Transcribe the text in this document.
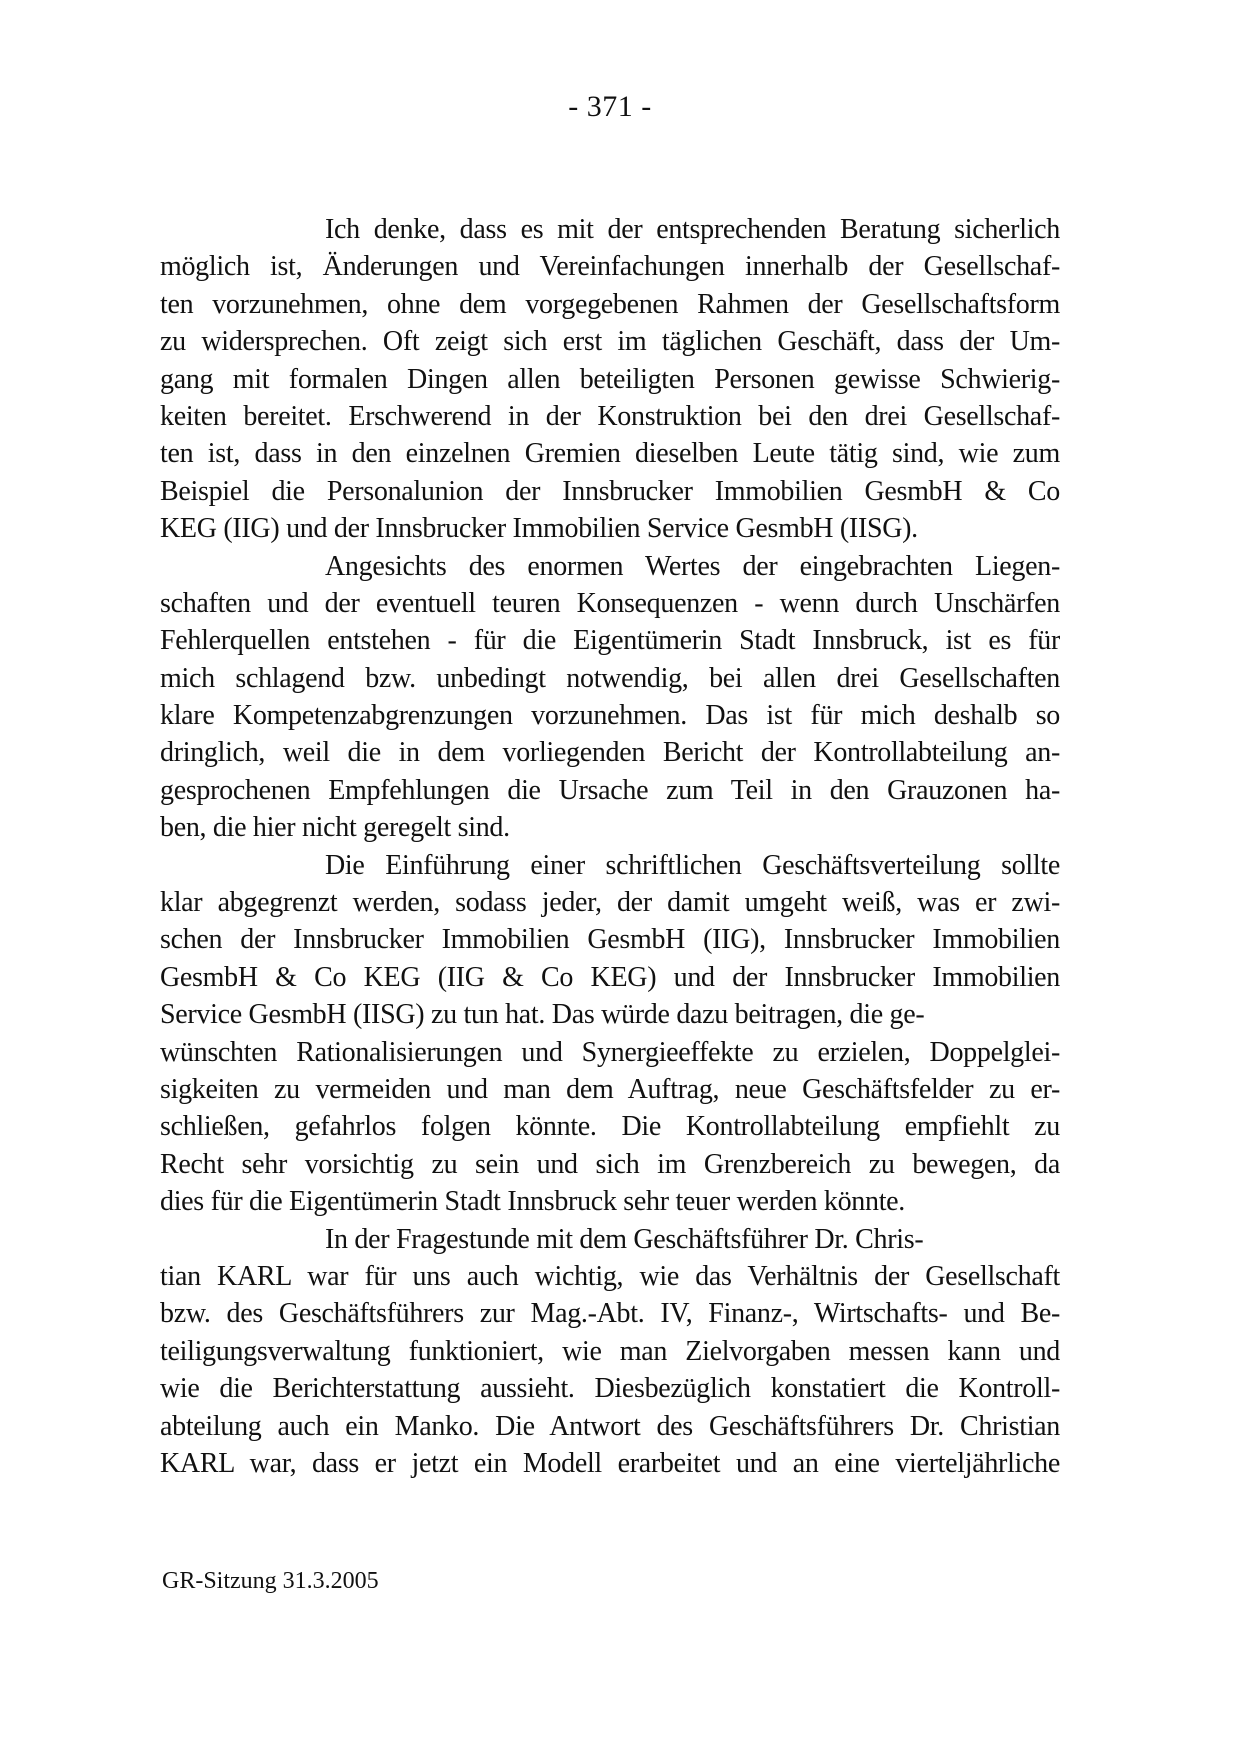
- 371 -
Ich denke, dass es mit der entsprechenden Beratung sicherlich
möglich ist, Änderungen und Vereinfachungen innerhalb der Gesellschaf-
ten vorzunehmen, ohne dem vorgegebenen Rahmen der Gesellschaftsform
zu widersprechen. Oft zeigt sich erst im täglichen Geschäft, dass der Um-
gang mit formalen Dingen allen beteiligten Personen gewisse Schwierig-
keiten bereitet. Erschwerend in der Konstruktion bei den drei Gesellschaf-
ten ist, dass in den einzelnen Gremien dieselben Leute tätig sind, wie zum
Beispiel die Personalunion der Innsbrucker Immobilien GesmbH & Co
KEG (IIG) und der Innsbrucker Immobilien Service GesmbH (IISG).
Angesichts des enormen Wertes der eingebrachten Liegen-
schaften und der eventuell teuren Konsequenzen - wenn durch Unschärfen
Fehlerquellen entstehen - für die Eigentümerin Stadt Innsbruck, ist es für
mich schlagend bzw. unbedingt notwendig, bei allen drei Gesellschaften
klare Kompetenzabgrenzungen vorzunehmen. Das ist für mich deshalb so
dringlich, weil die in dem vorliegenden Bericht der Kontrollabteilung an-
gesprochenen Empfehlungen die Ursache zum Teil in den Grauzonen ha-
ben, die hier nicht geregelt sind.
Die Einführung einer schriftlichen Geschäftsverteilung sollte
klar abgegrenzt werden, sodass jeder, der damit umgeht weiß, was er zwi-
schen der Innsbrucker Immobilien GesmbH (IIG), Innsbrucker Immobilien
GesmbH & Co KEG (IIG & Co KEG) und der Innsbrucker Immobilien
Service GesmbH (IISG) zu tun hat. Das würde dazu beitragen, die ge-
wünschten Rationalisierungen und Synergieeffekte zu erzielen, Doppelglei-
sigkeiten zu vermeiden und man dem Auftrag, neue Geschäftsfelder zu er-
schließen, gefahrlos folgen könnte. Die Kontrollabteilung empfiehlt zu
Recht sehr vorsichtig zu sein und sich im Grenzbereich zu bewegen, da
dies für die Eigentümerin Stadt Innsbruck sehr teuer werden könnte.
In der Fragestunde mit dem Geschäftsführer Dr. Chris-
tian KARL war für uns auch wichtig, wie das Verhältnis der Gesellschaft
bzw. des Geschäftsführers zur Mag.-Abt. IV, Finanz-, Wirtschafts- und Be-
teiligungsverwaltung funktioniert, wie man Zielvorgaben messen kann und
wie die Berichterstattung aussieht. Diesbezüglich konstatiert die Kontroll-
abteilung auch ein Manko. Die Antwort des Geschäftsführers Dr. Christian
KARL war, dass er jetzt ein Modell erarbeitet und an eine vierteljährliche
GR-Sitzung 31.3.2005
